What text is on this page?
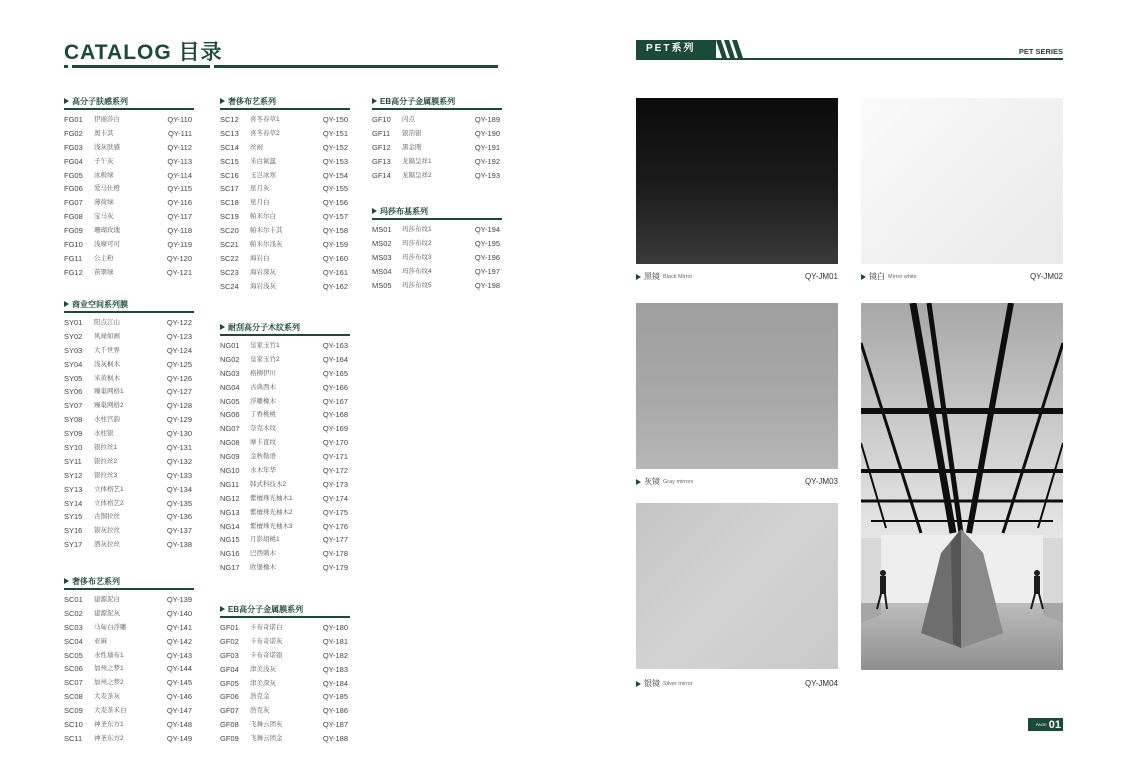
CATALOG 目录
高分子肤感系列
FG01	伊丽莎白	QY-110
FG02	奥卡其	QY-111
FG03	浅灰肤感	QY-112
FG04	子午灰	QY-113
FG05	冰极绿	QY-114
FG06	爱马仕橙	QY-115
FG07	薄荷绿	QY-116
FG08	宝马灰	QY-117
FG09	珊瑚玫瑰	QY-118
FG10	浅摩可可	QY-119
FG11	公主粉	QY-120
FG12	苗翠绿	QY-121
商业空间系列膜
SY01	阳点江山	QY-122
SY02	风禄如画	QY-123
SY03	大千世界	QY-124
SY04	浅灰枫木	QY-125
SY05	米黄枫木	QY-126
SY06	臻巢网格1	QY-127
SY07	臻巢网格2	QY-128
SY08	水柱宫韵	QY-129
SY09	水柱银	QY-130
SY10	银拉丝1	QY-131
SY11	银拉丝2	QY-132
SY12	银拉丝3	QY-133
SY13	立体格艺1	QY-134
SY14	立体格艺2	QY-135
SY15	古铜拉丝	QY-136
SY16	银灰拉丝	QY-137
SY17	洒灰拉丝	QY-138
奢侈布艺系列
SC01	建源泥白	QY-139
SC02	建源泥灰	QY-140
SC03	马甸白浮雕	QY-141
SC04	亚麻	QY-142
SC05	水性墙布1	QY-143
SC06	加州之梦1	QY-144
SC07	加州之梦2	QY-145
SC08	大麦茶灰	QY-146
SC09	大麦茶米白	QY-147
SC10	神圣东方1	QY-148
SC11	神圣东方2	QY-149
奢侈布艺系列
SC12	喜冬春草1	QY-150
SC13	喜冬春草2	QY-151
SC14	丝雨	QY-152
SC15	米白氤氲	QY-153
SC16	玉岂冰寒	QY-154
SC17	星月灰	QY-155
SC18	星月白	QY-156
SC19	帕米尔白	QY-157
SC20	帕米尔卡其	QY-158
SC21	帕米尔浅灰	QY-159
SC22	海岩白	QY-160
SC23	海岩深灰	QY-161
SC24	海岩浅灰	QY-162
耐刮高分子木纹系列
NG01	皇家玉竹1	QY-163
NG02	皇家玉竹2	QY-164
NG03	格柳伊川	QY-165
NG04	古典西木	QY-166
NG05	浮雕橡木	QY-167
NG06	丁香桃桃	QY-168
NG07	奈克木纹	QY-169
NG08	摩卡直纹	QY-170
NG09	金秋勒语	QY-171
NG10	水木年华	QY-172
NG11	韩式科技木2	QY-173
NG12	紫檀珠光柚木1	QY-174
NG13	紫檀珠光柚木2	QY-175
NG14	紫檀珠光柚木3	QY-176
NG15	月影胡桃1	QY-177
NG16	巴西刺木	QY-178
NG17	欧堡橡木	QY-179
EB高分子金属膜系列
GF01	卡布奇诺白	QY-180
GF02	卡布奇诺灰	QY-181
GF03	卡布奇诺银	QY-182
GF04	津美浅灰	QY-183
GF05	津美深灰	QY-184
GF06	浩克金	QY-185
GF07	浩克灰	QY-186
GF08	飞舞云团灰	QY-187
GF09	飞舞云团金	QY-188
EB高分子金属膜系列
GF10	闪点	QY-189
GF11	银箔银	QY-190
GF12	黑金刚	QY-191
GF13	龙隔呈祥1	QY-192
GF14	龙隔呈祥2	QY-193
玛莎布基系列
MS01	玛莎布纹1	QY-194
MS02	玛莎布纹2	QY-195
MS03	玛莎布纹3	QY-196
MS04	玛莎布纹4	QY-197
MS05	玛莎布纹5	QY-198
PET系列	PET SERIES
黑镜 Black Mirror	QY-JM01	镜白 Mirror white	QY-JM02
灰镜 Gray mirrors	QY-JM03
银镜 Silver mirror	QY-JM04
PAGE 01
